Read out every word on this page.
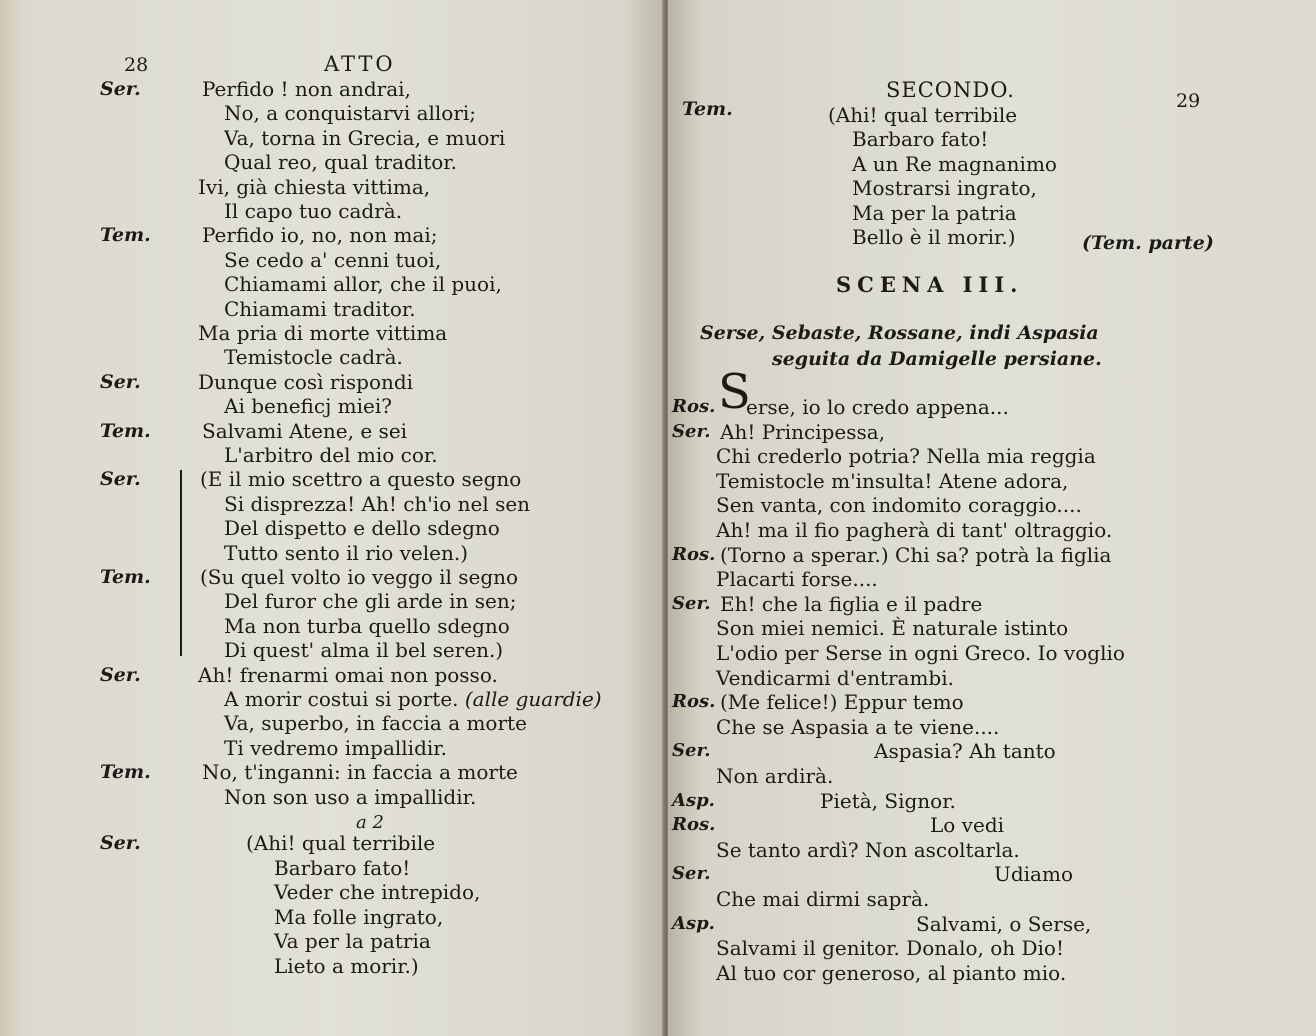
28	ATTO
a 2
Ser.
Ser.	Perfido ! non andrai,
No, a conquistarvi allori;
Va, torna in Grecia, e muori
Qual reo, qual traditor.
Ivi, già chiesta vittima,
Il capo tuo cadrà.
Tem.	Perfido io, no, non mai;
Se cedo a' cenni tuoi,
Chiamami allor, che il puoi,
Chiamami traditor.
Ma pria di morte vittima
Temistocle cadrà.
Ser.	Dunque così rispondi
Ai beneficj miei?
Tem.	Salvami Atene, e sei
L'arbitro del mio cor.
Ser.	(E il mio scettro a questo segno
Si disprezza! Ah! ch'io nel sen
Del dispetto e dello sdegno
Tutto sento il rio velen.)
Tem. (Su quel volto io veggo il segno
Del furor che gli arde in sen;
Ma non turba quello sdegno
Di quest' alma il bel seren.)
Ser.	Ah! frenarmi omai non posso.
A morir costui si porte. (alle guardie)
Va, superbo, in faccia a morte
Ti vedremo impallidir.
Tem.	No, t'inganni: in faccia a morte
Non son uso a impallidir.
(Ahi! qual terribile
Barbaro fato!
Veder che intrepido,
Ma folle ingrato,
Va per la patria
Lieto a morir.)
SECONDO.	29
Tem.
(Tem. parte)
SCENA III.
Serse, Sebaste, Rossane, indi Aspasia
seguita da Damigelle persiane.
S
(Ahi! qual terribile
Barbaro fato!
A un Re magnanimo
Mostrarsi ingrato,
Ma per la patria
Bello è il morir.)
Ros. erse, io lo credo appena...
Ser. Ah! Principessa,
Chi crederlo potria? Nella mia reggia
Temistocle m'insulta! Atene adora,
Sen vanta, con indomito coraggio....
Ah! ma il fio pagherà di tant' oltraggio.
Ros. (Torno a sperar.) Chi sa? potrà la figlia
Placarti forse....
Ser. Eh! che la figlia e il padre
Son miei nemici. È naturale istinto
L'odio per Serse in ogni Greco. Io voglio
Vendicarmi d'entrambi.
Ros. (Me felice!) Eppur temo
Che se Aspasia a te viene....
Ser.	Aspasia? Ah tanto
Non ardirà.
Asp.	Pietà, Signor.
Ros.	Lo vedi
Se tanto ardì? Non ascoltarla.
Ser.	Udiamo
Che mai dirmi saprà.
Asp.	Salvami, o Serse,
Salvami il genitor. Donalo, oh Dio!
Al tuo cor generoso, al pianto mio.
